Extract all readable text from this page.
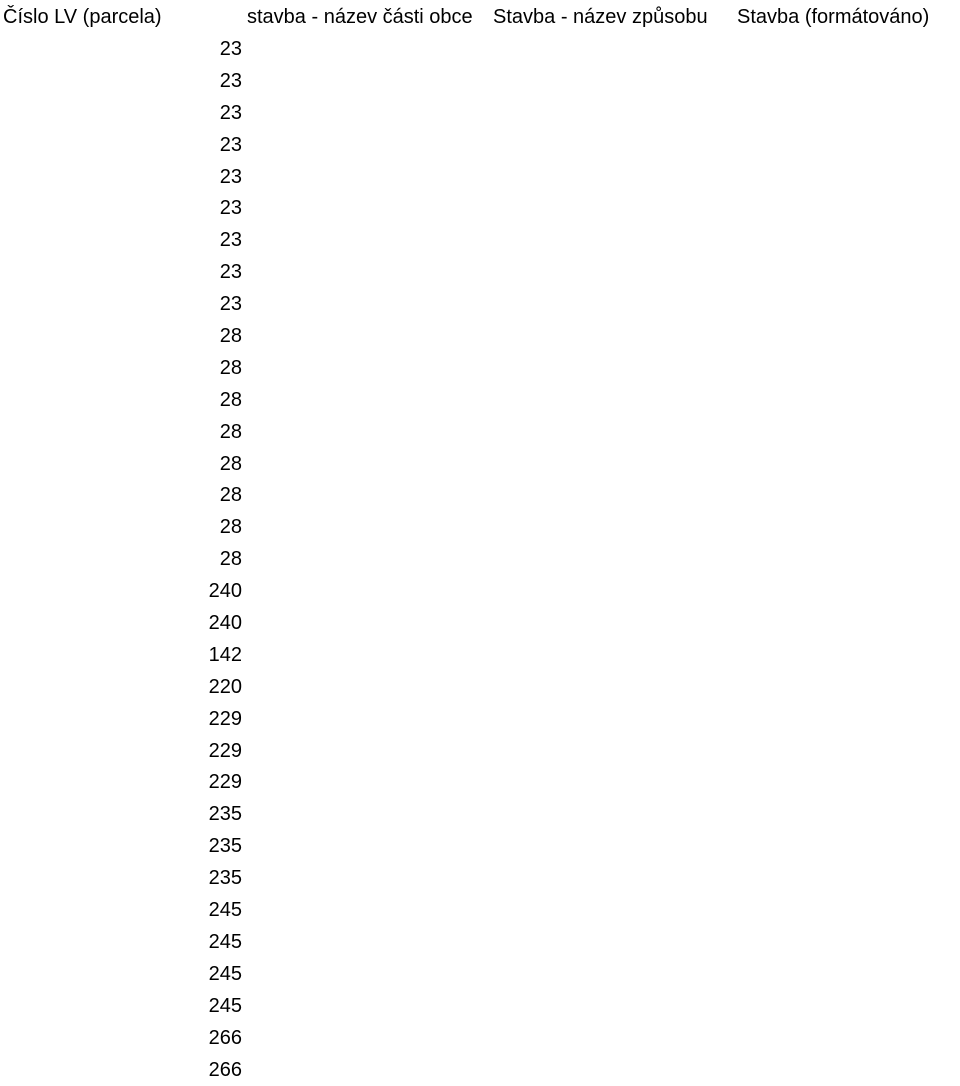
Číslo LV (parcela)	stavba - název části obce	Stavba - název způsobu	Stavba (formátováno)
23
23
23
23
23
23
23
23
23
28
28
28
28
28
28
28
28
240
240
142
220
229
229
229
235
235
235
245
245
245
245
266
266
